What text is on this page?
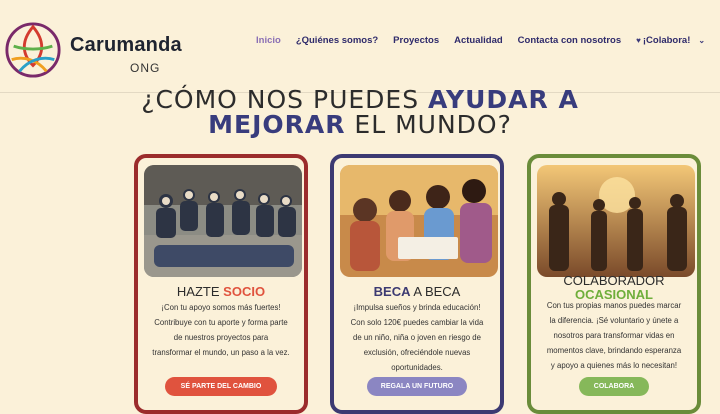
Carumanda
ONG
Inicio ¿Quiénes somos? Proyectos Actualidad Contacta con nosotros ♥ ¡Colabora! ⌄
¿CÓMO NOS PUEDES AYUDAR A
MEJORAR EL MUNDO?
HAZTE SOCIO
¡Con tu apoyo somos más fuertes!
Contribuye con tu aporte y forma parte
de nuestros proyectos para
transformar el mundo, un paso a la vez.
SÉ PARTE DEL CAMBIO
BECA A BECA
¡Impulsa sueños y brinda educación!
Con solo 120€ puedes cambiar la vida
de un niño, niña o joven en riesgo de
exclusión, ofreciéndole nuevas
oportunidades.
REGALA UN FUTURO
COLABORADOR
OCASIONAL
Con tus propias manos puedes marcar
la diferencia. ¡Sé voluntario y únete a
nosotros para transformar vidas en
momentos clave, brindando esperanza
y apoyo a quienes más lo necesitan!
COLABORA
